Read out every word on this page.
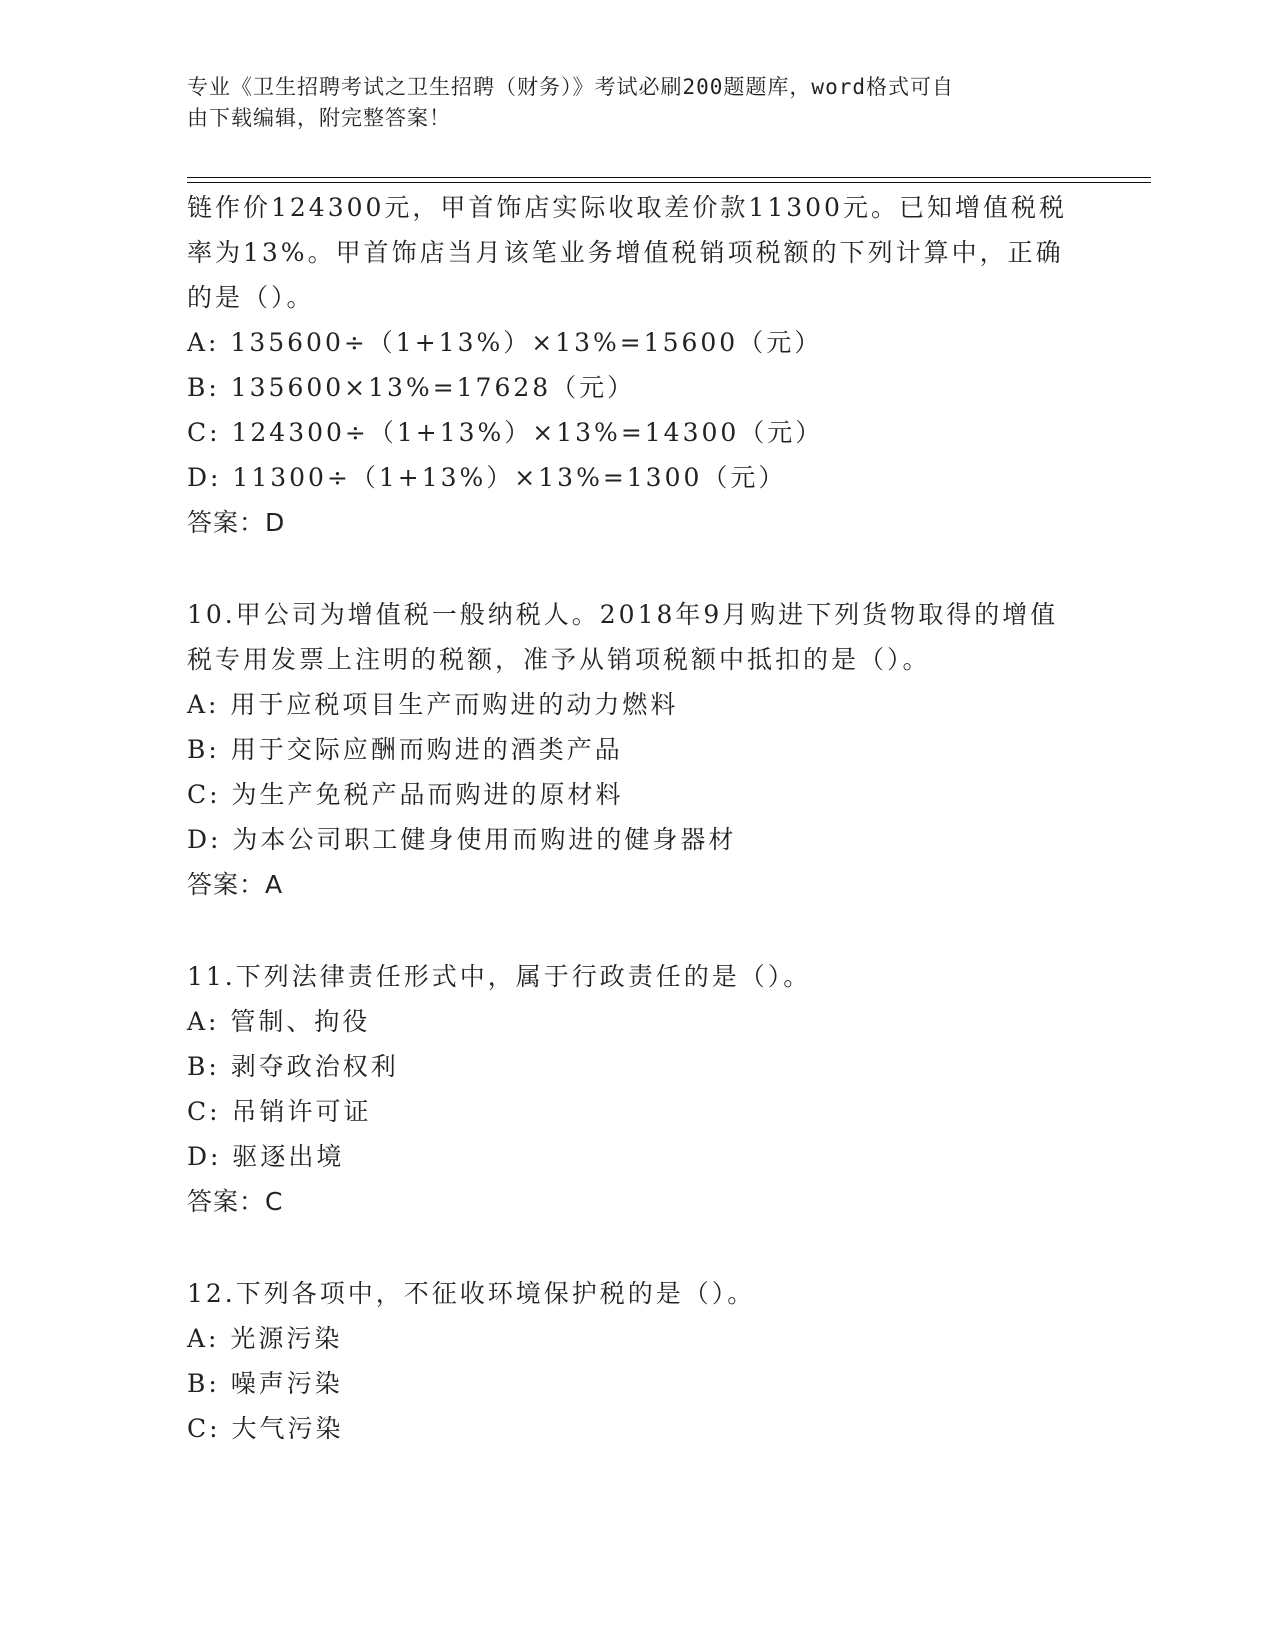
专业《卫生招聘考试之卫生招聘（财务）》考试必刷200题题库，word格式可自
由下载编辑，附完整答案！
链作价124300元，甲首饰店实际收取差价款11300元。已知增值税税
率为13%。甲首饰店当月该笔业务增值税销项税额的下列计算中，正确
的是（）。
A: 135600÷（1+13%）×13%=15600（元）
B: 135600×13%=17628（元）
C: 124300÷（1+13%）×13%=14300（元）
D: 11300÷（1+13%）×13%=1300（元）
答案：D
10.甲公司为增值税一般纳税人。2018年9月购进下列货物取得的增值
税专用发票上注明的税额，准予从销项税额中抵扣的是（）。
A: 用于应税项目生产而购进的动力燃料
B: 用于交际应酬而购进的酒类产品
C: 为生产免税产品而购进的原材料
D: 为本公司职工健身使用而购进的健身器材
答案：A
11.下列法律责任形式中，属于行政责任的是（）。
A: 管制、拘役
B: 剥夺政治权利
C: 吊销许可证
D: 驱逐出境
答案：C
12.下列各项中，不征收环境保护税的是（）。
A: 光源污染
B: 噪声污染
C: 大气污染
